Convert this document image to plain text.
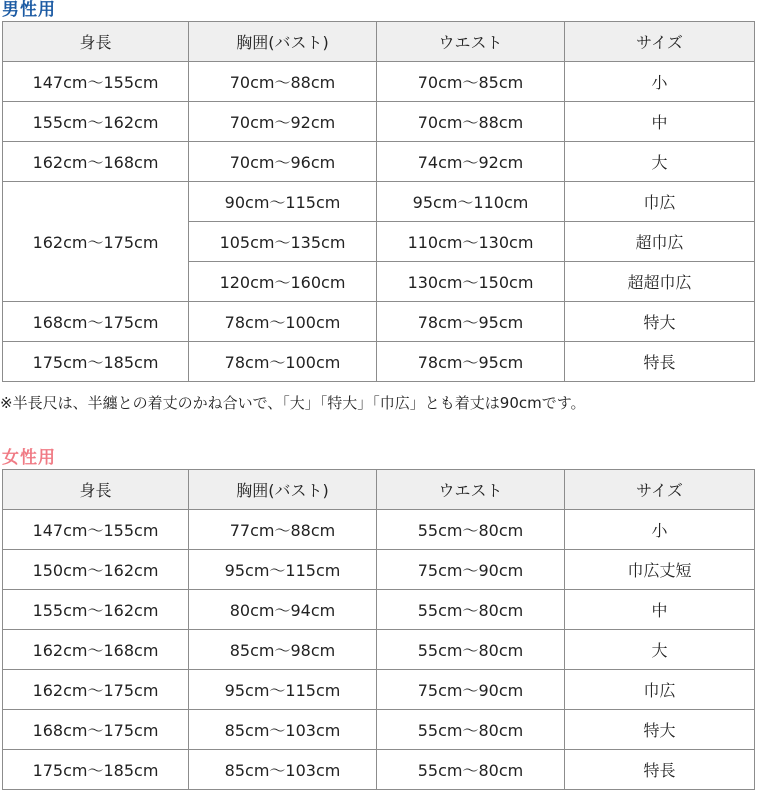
男性用
身長	胸囲(バスト)	ウエスト	サイズ
147cm〜155cm	70cm〜88cm	70cm〜85cm	小
155cm〜162cm	70cm〜92cm	70cm〜88cm	中
162cm〜168cm	70cm〜96cm	74cm〜92cm	大
162cm〜175cm	90cm〜115cm	95cm〜110cm	巾広
	105cm〜135cm	110cm〜130cm	超巾広
	120cm〜160cm	130cm〜150cm	超超巾広
168cm〜175cm	78cm〜100cm	78cm〜95cm	特大
175cm〜185cm	78cm〜100cm	78cm〜95cm	特長
※半長尺は、半纏との着丈のかね合いで、「大」「特大」「巾広」とも着丈は90cmです。
女性用
身長	胸囲(バスト)	ウエスト	サイズ
147cm〜155cm	77cm〜88cm	55cm〜80cm	小
150cm〜162cm	95cm〜115cm	75cm〜90cm	巾広丈短
155cm〜162cm	80cm〜94cm	55cm〜80cm	中
162cm〜168cm	85cm〜98cm	55cm〜80cm	大
162cm〜175cm	95cm〜115cm	75cm〜90cm	巾広
168cm〜175cm	85cm〜103cm	55cm〜80cm	特大
175cm〜185cm	85cm〜103cm	55cm〜80cm	特長
